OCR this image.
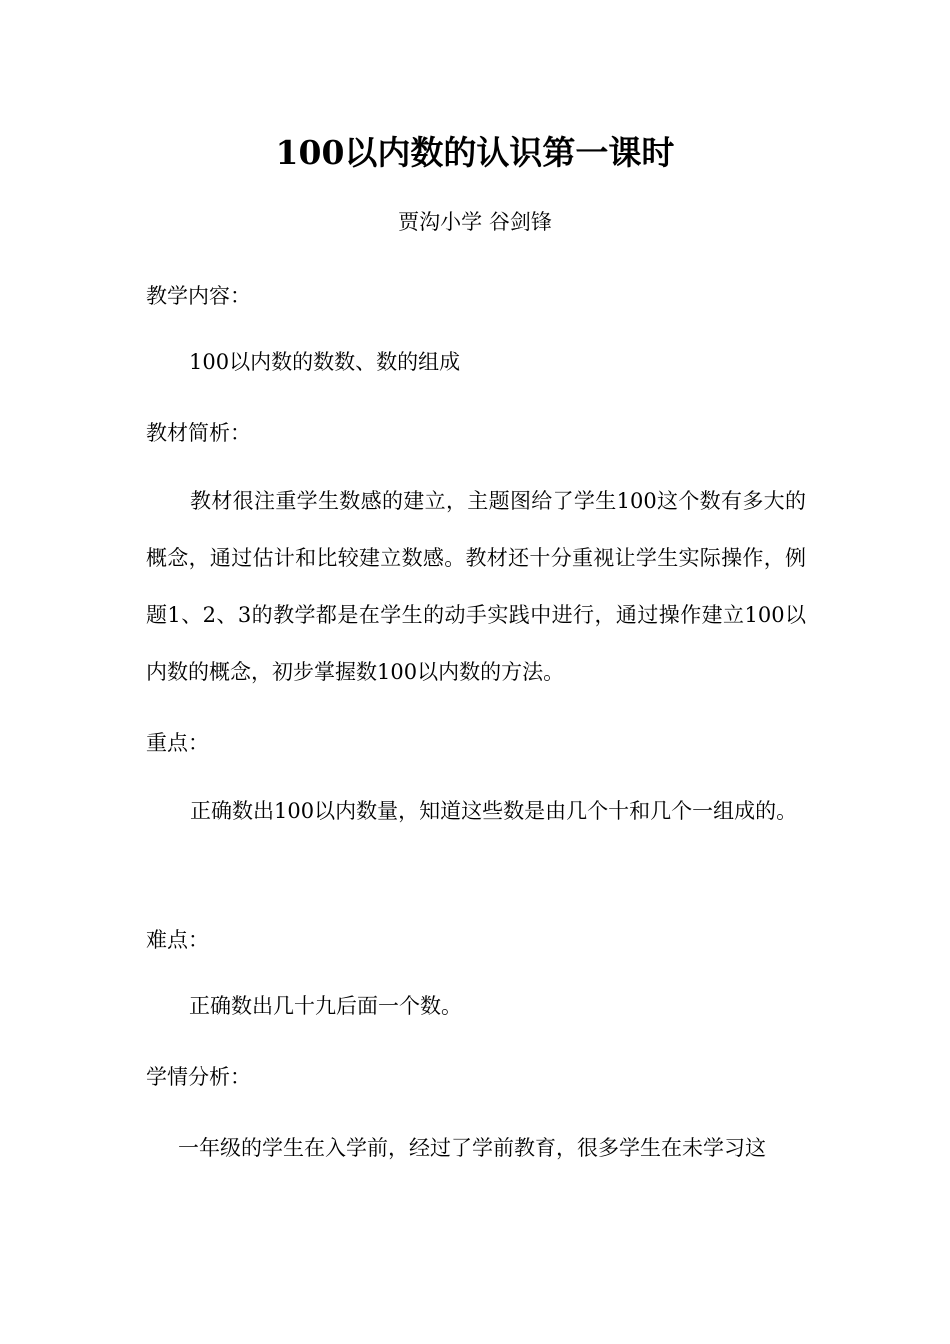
100以内数的认识第一课时
贾沟小学 谷剑锋
教学内容：
100以内数的数数、数的组成
教材简析：
教材很注重学生数感的建立，主题图给了学生100这个数有多大的概念，通过估计和比较建立数感。教材还十分重视让学生实际操作，例题1、2、3的教学都是在学生的动手实践中进行，通过操作建立100以内数的概念，初步掌握数100以内数的方法。
重点：
正确数出100以内数量，知道这些数是由几个十和几个一组成的。
难点：
正确数出几十九后面一个数。
学情分析：
一年级的学生在入学前，经过了学前教育，很多学生在未学习这
